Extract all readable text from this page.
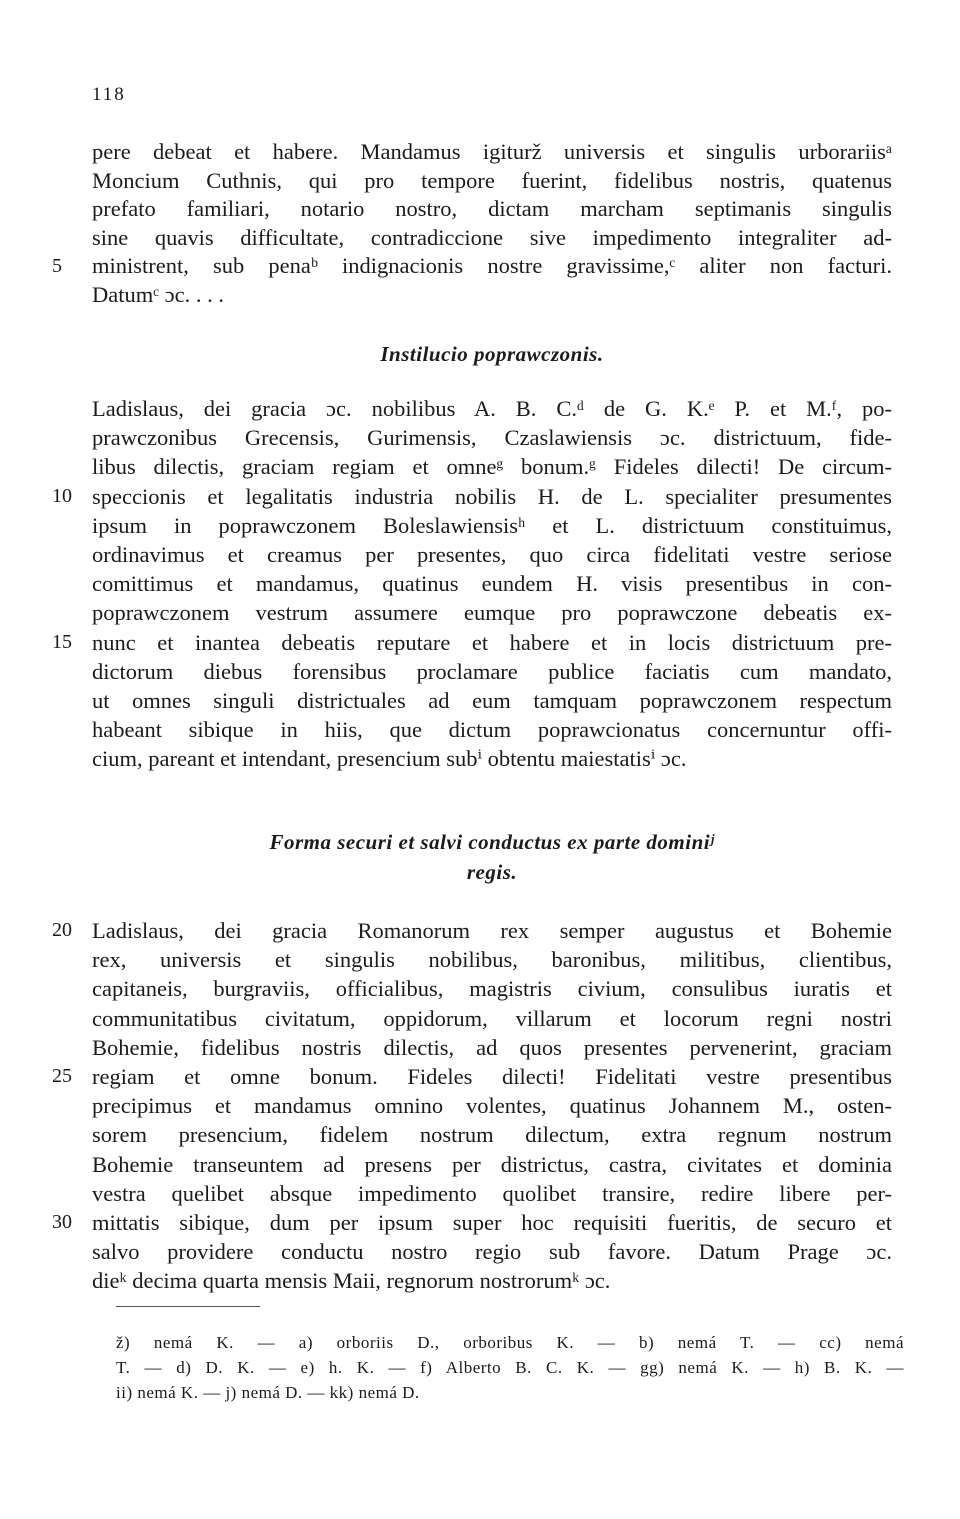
118
pere debeat et habere. Mandamus igiturž universis et singulis urborariisᵃ
Moncium Cuthnis, qui pro tempore fuerint, fidelibus nostris, quatenus
prefato familiari, notario nostro, dictam marcham septimanis singulis
sine quavis difficultate, contradiccione sive impedimento integraliter ad-
5	ministrent, sub penaᵇ indignacionis nostre gravissime,ᶜ aliter non facturi.
Datumᶜ ɔc. . . .
Instilucio poprawczonis.
Ladislaus, dei gracia ɔc. nobilibus A. B. C.ᵈ de G. K.ᵉ P. et M.ᶠ, po-
prawczonibus Grecensis, Gurimensis, Czaslawiensis ɔc. districtuum, fide-
libus dilectis, graciam regiam et omneᵍ bonum.ᵍ Fideles dilecti! De circum-
10 speccionis et legalitatis industria nobilis H. de L. specialiter presumentes
ipsum in poprawczonem Boleslawiensisʰ et L. districtuum constituimus,
ordinavimus et creamus per presentes, quo circa fidelitati vestre seriose
comittimus et mandamus, quatinus eundem H. visis presentibus in con-
poprawczonem vestrum assumere eumque pro poprawczone debeatis ex-
15 nunc et inantea debeatis reputare et habere et in locis districtuum pre-
dictorum diebus forensibus proclamare publice faciatis cum mandato,
ut omnes singuli districtuales ad eum tamquam poprawczonem respectum
habeant sibique in hiis, que dictum poprawcionatus concernuntur offi-
cium, pareant et intendant, presencium subⁱ obtentu maiestatisⁱ ɔc.
Forma securi et salvi conductus ex parte dominiʲ
regis.
20 Ladislaus, dei gracia Romanorum rex semper augustus et Bohemie
rex, universis et singulis nobilibus, baronibus, militibus, clientibus,
capitaneis, burgraviis, officialibus, magistris civium, consulibus iuratis et
communitatibus civitatum, oppidorum, villarum et locorum regni nostri
Bohemie, fidelibus nostris dilectis, ad quos presentes pervenerint, graciam
25 regiam et omne bonum. Fideles dilecti! Fidelitati vestre presentibus
precipimus et mandamus omnino volentes, quatinus Johannem M., osten-
sorem presencium, fidelem nostrum dilectum, extra regnum nostrum
Bohemie transeuntem ad presens per districtus, castra, civitates et dominia
vestra quelibet absque impedimento quolibet transire, redire libere per-
30 mittatis sibique, dum per ipsum super hoc requisiti fueritis, de securo et
salvo providere conductu nostro regio sub favore. Datum Prage ɔc.
dieᵏ decima quarta mensis Maii, regnorum nostrorumᵏ ɔc.
ž) nemá K. — a) orboriis D., orboribus K. — b) nemá T. — cc) nemá
T. — d) D. K. — e) h. K. — f) Alberto B. C. K. — gg) nemá K. — h) B. K. —
ii) nemá K. — j) nemá D. — kk) nemá D.
